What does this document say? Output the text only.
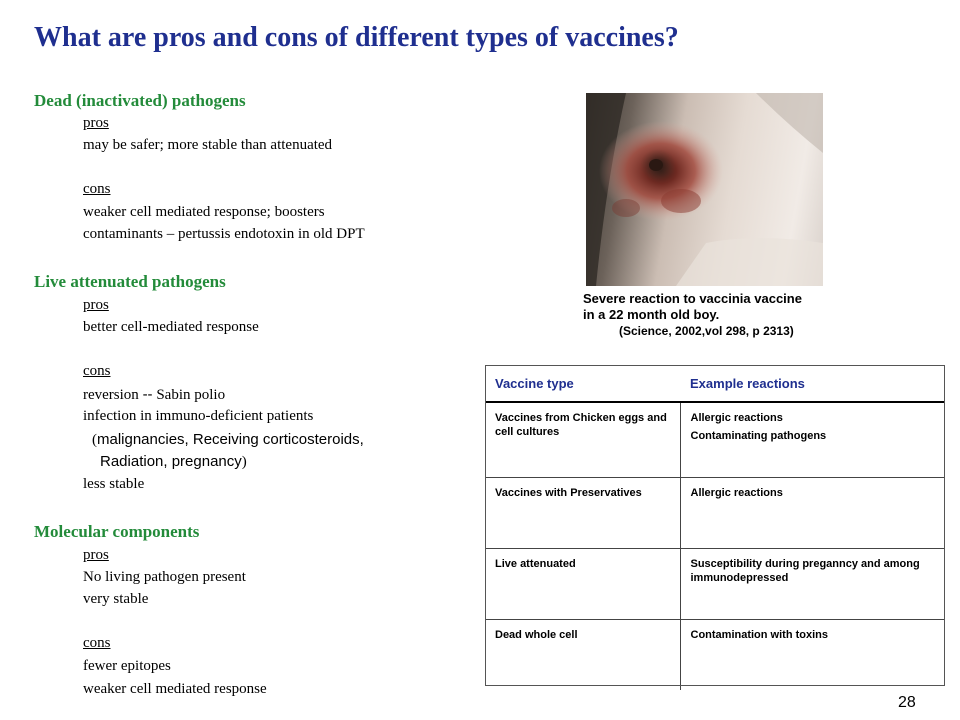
What are pros and cons of different types of vaccines?
Dead (inactivated) pathogens
pros
may be safer; more stable than attenuated
cons
weaker cell mediated response; boosters
contaminants – pertussis endotoxin in old DPT
Live attenuated pathogens
pros
better cell-mediated response
cons
reversion -- Sabin polio
infection in immuno-deficient patients
(malignancies, Receiving corticosteroids,
Radiation, pregnancy)
less stable
Molecular components
pros
No living pathogen present
very stable
cons
fewer epitopes
weaker cell mediated response
Severe reaction to vaccinia vaccine
in a 22 month old boy.
(Science, 2002,vol 298, p 2313)
Vaccine type	Example reactions
Vaccines from Chicken eggs and cell cultures	Allergic reactions
Contaminating pathogens

Vaccines with Preservatives	Allergic reactions

Live attenuated	Susceptibility during preganncy and among immunodepressed

Dead whole cell	Contamination with toxins
28
